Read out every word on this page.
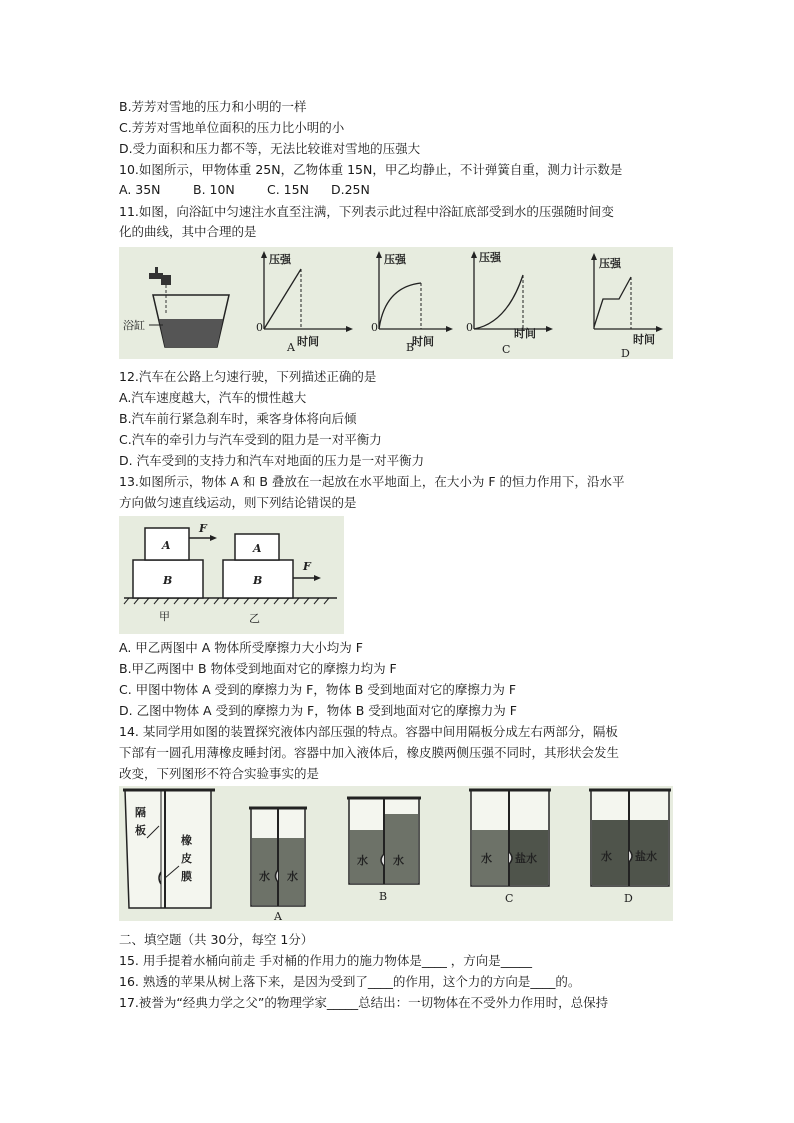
B.芳芳对雪地的压力和小明的一样
C.芳芳对雪地单位面积的压力比小明的小
D.受力面积和压力都不等，无法比较谁对雪地的压强大
10.如图所示，甲物体重 25N，乙物体重 15N，甲乙均静止，不计弹簧自重，测力计示数是
A. 35N	B. 10N	C. 15N D.25N
11.如图，向浴缸中匀速注水直至注满，下列表示此过程中浴缸底部受到水的压强随时间变
化的曲线，其中合理的是
浴缸
压强
时间
0
A
压强
时间
0
B
压强
时间
0
C
压强
时间
D
12.汽车在公路上匀速行驶，下列描述正确的是
A.汽车速度越大，汽车的惯性越大
B.汽车前行紧急刹车时，乘客身体将向后倾
C.汽车的牵引力与汽车受到的阻力是一对平衡力
D. 汽车受到的支持力和汽车对地面的压力是一对平衡力
13.如图所示，物体 A 和 B 叠放在一起放在水平地面上，在大小为 F 的恒力作用下，沿水平
方向做匀速直线运动，则下列结论错误的是
A
B
F
甲
A
B
F
乙
A. 甲乙两图中 A 物体所受摩擦力大小均为 F
B.甲乙两图中 B 物体受到地面对它的摩擦力均为 F
C. 甲图中物体 A 受到的摩擦力为 F，物体 B 受到地面对它的摩擦力为 F
D. 乙图中物体 A 受到的摩擦力为 F，物体 B 受到地面对它的摩擦力为 F
14. 某同学用如图的装置探究液体内部压强的特点。容器中间用隔板分成左右两部分，隔板
下部有一圆孔用薄橡皮睡封闭。容器中加入液体后，橡皮膜两侧压强不同时，其形状会发生
改变，下列图形不符合实验事实的是
隔
板
橡
皮
膜	水 水
A
水 水
B
水 盐水
C
水 盐水
D
二、填空题（共 30分，每空 1分）
15. 用手提着水桶向前走 手对桶的作用力的施力物体是____ ，方向是_____
16. 熟透的苹果从树上落下来，是因为受到了____的作用，这个力的方向是____的。
17.被誉为“经典力学之父”的物理学家_____总结出：一切物体在不受外力作用时，总保持
